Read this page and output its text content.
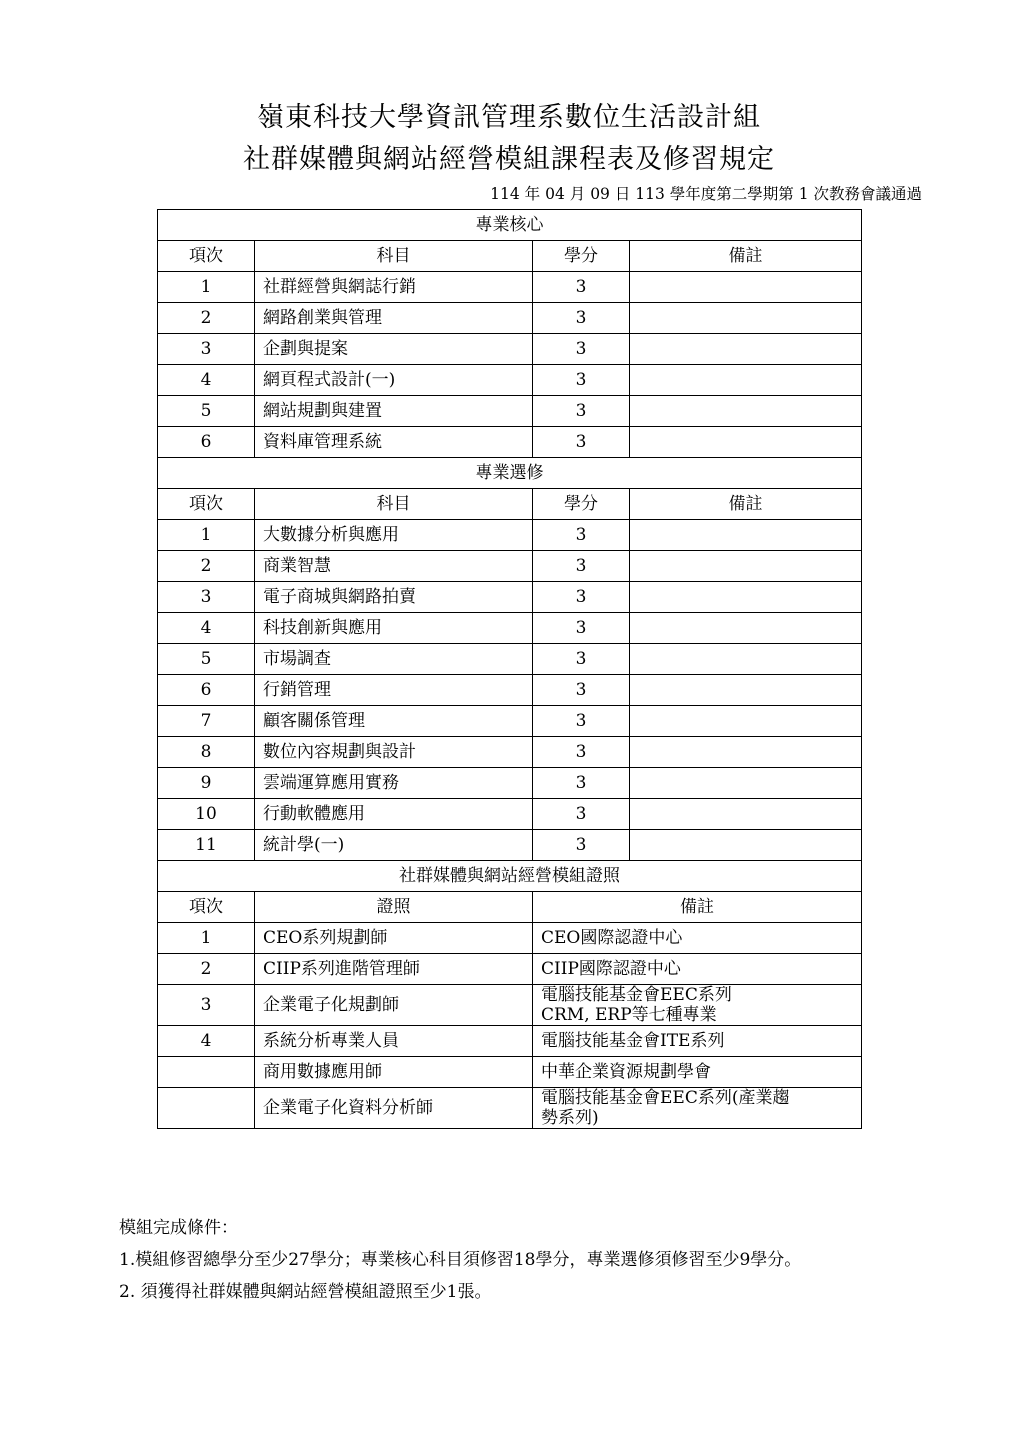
嶺東科技大學資訊管理系數位生活設計組
社群媒體與網站經營模組課程表及修習規定
114 年 04 月 09 日 113 學年度第二學期第 1 次教務會議通過
專業核心			
項次	科目	學分	備註
1	社群經營與網誌行銷	3	
2	網路創業與管理	3	
3	企劃與提案	3	
4	網頁程式設計(一)	3	
5	網站規劃與建置	3	
6	資料庫管理系統	3	
專業選修			
項次	科目	學分	備註
1	大數據分析與應用	3	
2	商業智慧	3	
3	電子商城與網路拍賣	3	
4	科技創新與應用	3	
5	市場調查	3	
6	行銷管理	3	
7	顧客關係管理	3	
8	數位內容規劃與設計	3	
9	雲端運算應用實務	3	
10	行動軟體應用	3	
11	統計學(一)	3	
社群媒體與網站經營模組證照			
項次	證照	備註	
1	CEO系列規劃師	CEO國際認證中心	

2	CIIP系列進階管理師	CIIP國際認證中心	

3	企業電子化規劃師	電腦技能基金會EEC系列
CRM, ERP等七種專業	

4	系統分析專業人員	電腦技能基金會ITE系列	

	商用數據應用師	中華企業資源規劃學會	

	企業電子化資料分析師	電腦技能基金會EEC系列(產業趨
勢系列)	
模組完成條件：
1.模組修習總學分至少27學分；專業核心科目須修習18學分，專業選修須修習至少9學分。
2. 須獲得社群媒體與網站經營模組證照至少1張。
